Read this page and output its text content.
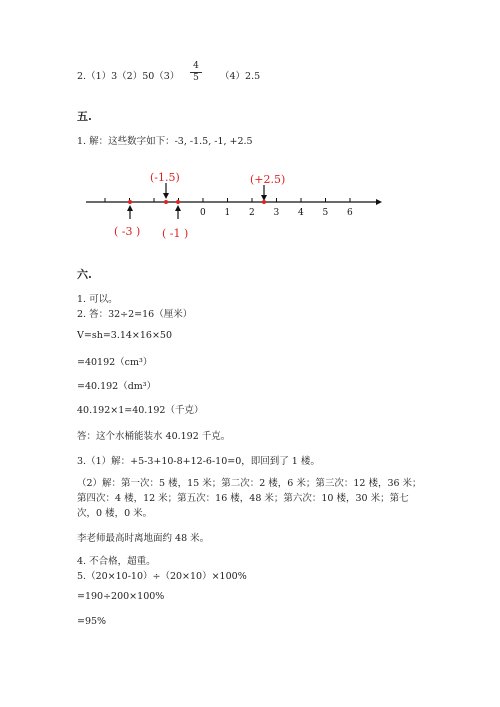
2.（1）3（2）50（3）
4
5	（4）2.5
五.
1. 解：这些数字如下：-3, -1.5, -1, +2.5
(-1.5)	(+2.5)
0 1 2 3 4 5 6
( -3 ) ( -1 )
六.
1. 可以。
2. 答：32÷2=16（厘米）
V=sh=3.14×16×50
=40192（cm³）
=40.192（dm³）
40.192×1=40.192（千克）
答：这个水桶能装水 40.192 千克。
3.（1）解：+5-3+10-8+12-6-10=0，即回到了 1 楼。
（2）解：第一次：5 楼，15 米；第二次：2 楼，6 米；第三次：12 楼，36 米；第四次：4 楼，12 米；第五次：16 楼，48 米；第六次：10 楼，30 米；第七次，0 楼，0 米。
李老师最高时离地面约 48 米。
4. 不合格，超重。
5.（20×10-10）÷（20×10）×100%
=190÷200×100%
=95%
